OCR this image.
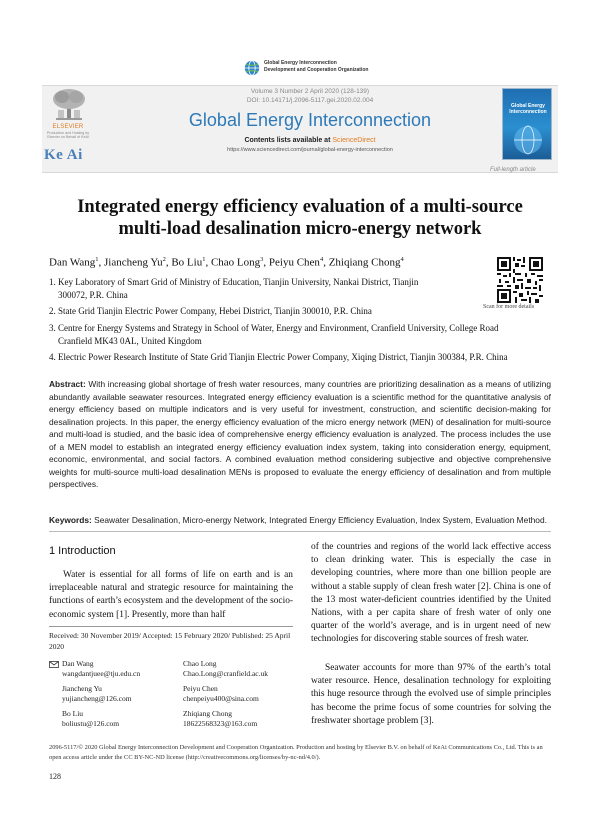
Global Energy Interconnection
Development and Cooperation Organization
ELSEVIER
Production and Hosting by Elsevier on Behalf of KeAi
Ke Ai
Volume 3 Number 2 April 2020 (128-139)
DOI: 10.14171/j.2096-5117.gei.2020.02.004
Global Energy Interconnection
Contents lists available at ScienceDirect
https://www.sciencedirect.com/journal/global-energy-interconnection
Global Energy Interconnection
Full-length article
Integrated energy efficiency evaluation of a multi-source
multi-load desalination micro-energy network
Dan Wang$^1$, Jiancheng Yu$^2$, Bo Liu$^1$, Chao Long$^3$, Peiyu Chen$^4$, Zhiqiang Chong$^4$
1. Key Laboratory of Smart Grid of Ministry of Education, Tianjin University, Nankai District, Tianjin
300072, P.R. China
2. State Grid Tianjin Electric Power Company, Hebei District, Tianjin 300010, P.R. China
3. Centre for Energy Systems and Strategy in School of Water, Energy and Environment, Cranfield University, College Road
Cranfield MK43 0AL, United Kingdom
4. Electric Power Research Institute of State Grid Tianjin Electric Power Company, Xiqing District, Tianjin 300384, P.R. China
Scan for more details
Abstract: With increasing global shortage of fresh water resources, many countries are prioritizing desalination as a means of utilizing abundantly available seawater resources. Integrated energy efficiency evaluation is a scientific method for the quantitative analysis of energy efficiency based on multiple indicators and is very useful for investment, construction, and scientific decision-making for desalination projects. In this paper, the energy efficiency evaluation of the micro energy network (MEN) of desalination for multi-source and multi-load is studied, and the basic idea of comprehensive energy efficiency evaluation is analyzed. The process includes the use of a MEN model to establish an integrated energy efficiency evaluation index system, taking into consideration energy, equipment, economic, environmental, and social factors. A combined evaluation method considering subjective and objective comprehensive weights for multi-source multi-load desalination MENs is proposed to evaluate the energy efficiency of desalination and from multiple perspectives.
Keywords: Seawater Desalination, Micro-energy Network, Integrated Energy Efficiency Evaluation, Index System, Evaluation Method.
1 Introduction
Water is essential for all forms of life on earth and is an irreplaceable natural and strategic resource for maintaining the functions of earth’s ecosystem and the development of the socio-economic system [1]. Presently, more than half
of the countries and regions of the world lack effective access to clean drinking water. This is especially the case in developing countries, where more than one billion people are without a stable supply of clean fresh water [2]. China is one of the 13 most water-deficient countries identified by the United Nations, with a per capita share of fresh water of only one quarter of the world’s average, and is in urgent need of new technologies for discovering stable sources of fresh water.
Seawater accounts for more than 97% of the earth’s total water resource. Hence, desalination technology for exploiting this huge resource through the evolved use of simple principles has become the prime focus of some countries for solving the freshwater shortage problem [3].
Received: 30 November 2019/ Accepted: 15 February 2020/ Published: 25 April 2020
Dan Wang
wangdantjuee@tju.edu.cn
Chao Long
Chao.Long@cranfield.ac.uk
Jiancheng Yu
yujiancheng@126.com
Peiyu Chen
chenpeiyu400@sina.com
Bo Liu
boliustu@126.com
Zhiqiang Chong
18622568323@163.com
2096-5117/© 2020 Global Energy Interconnection Development and Cooperation Organization. Production and hosting by Elsevier B.V. on behalf of KeAi Communications Co., Ltd. This is an open access article under the CC BY-NC-ND license (http://creativecommons.org/licenses/by-nc-nd/4.0/).
128
